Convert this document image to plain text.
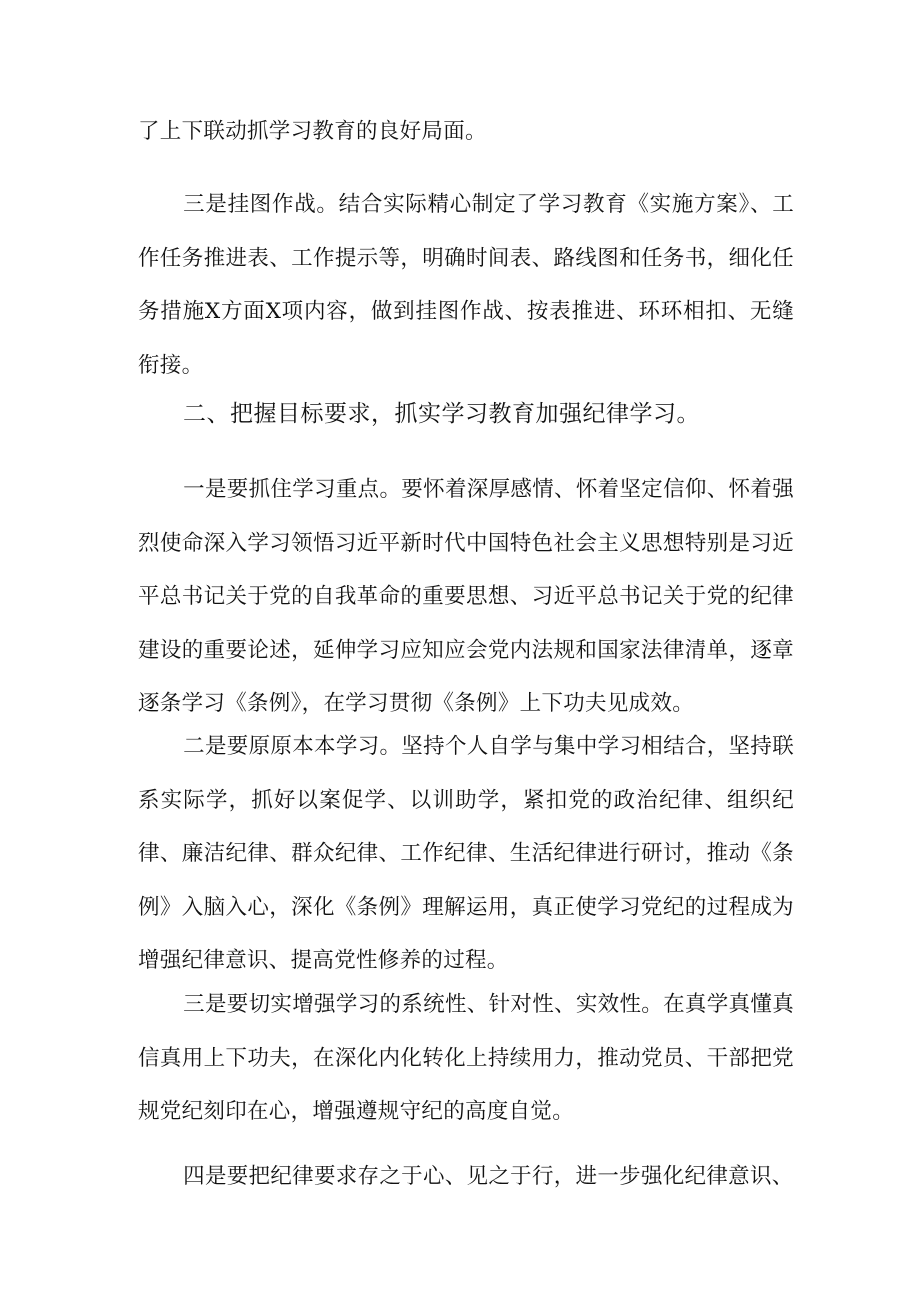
了上下联动抓学习教育的良好局面。

三是挂图作战。结合实际精心制定了学习教育《实施方案》、工作任务推进表、工作提示等，明确时间表、路线图和任务书，细化任务措施X方面X项内容，做到挂图作战、按表推进、环环相扣、无缝衔接。

二、把握目标要求，抓实学习教育加强纪律学习。

一是要抓住学习重点。要怀着深厚感情、怀着坚定信仰、怀着强烈使命深入学习领悟习近平新时代中国特色社会主义思想特别是习近平总书记关于党的自我革命的重要思想、习近平总书记关于党的纪律建设的重要论述，延伸学习应知应会党内法规和国家法律清单，逐章逐条学习《条例》，在学习贯彻《条例》上下功夫见成效。

二是要原原本本学习。坚持个人自学与集中学习相结合，坚持联系实际学，抓好以案促学、以训助学，紧扣党的政治纪律、组织纪律、廉洁纪律、群众纪律、工作纪律、生活纪律进行研讨，推动《条例》入脑入心，深化《条例》理解运用，真正使学习党纪的过程成为增强纪律意识、提高党性修养的过程。

三是要切实增强学习的系统性、针对性、实效性。在真学真懂真信真用上下功夫，在深化内化转化上持续用力，推动党员、干部把党规党纪刻印在心，增强遵规守纪的高度自觉。

四是要把纪律要求存之于心、见之于行，进一步强化纪律意识、
